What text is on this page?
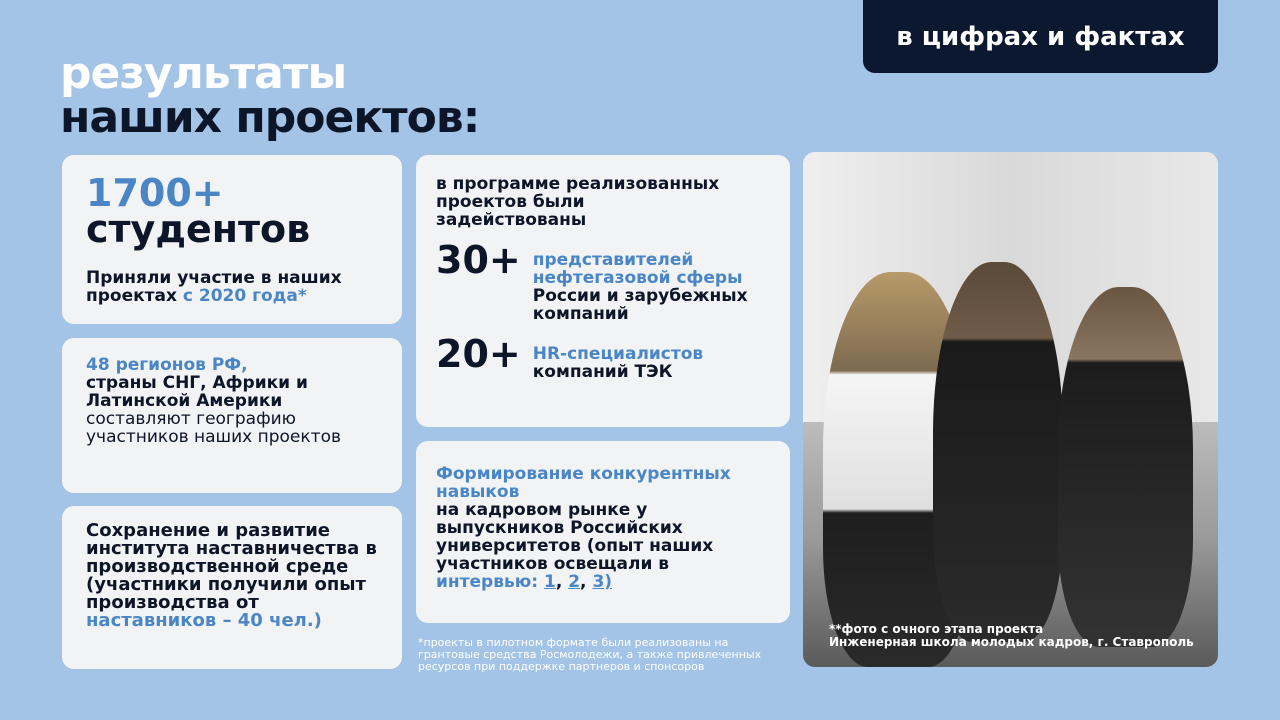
в цифрах и фактах
результаты
наших проектов:
1700+
студентов
Приняли участие в наших проектах с 2020 года*
48 регионов РФ,
страны СНГ, Африки и Латинской Америки
составляют географию участников наших проектов
Сохранение и развитие института наставничества в производственной среде (участники получили опыт производства от наставников – 40 чел.)
в программе реализованных проектов были задействованы
30+ представителей нефтегазовой сферы
России и зарубежных компаний
20+ HR-специалистов
компаний ТЭК
Формирование конкурентных навыков
на кадровом рынке у выпускников Российских университетов (опыт наших участников освещали в интервью: 1, 2, 3)
*проекты в пилотном формате были реализованы на грантовые средства Росмолодежи, а также привлеченных ресурсов при поддержке партнеров и спонсоров
**фото с очного этапа проекта
Инженерная школа молодых кадров, г. Ставрополь
